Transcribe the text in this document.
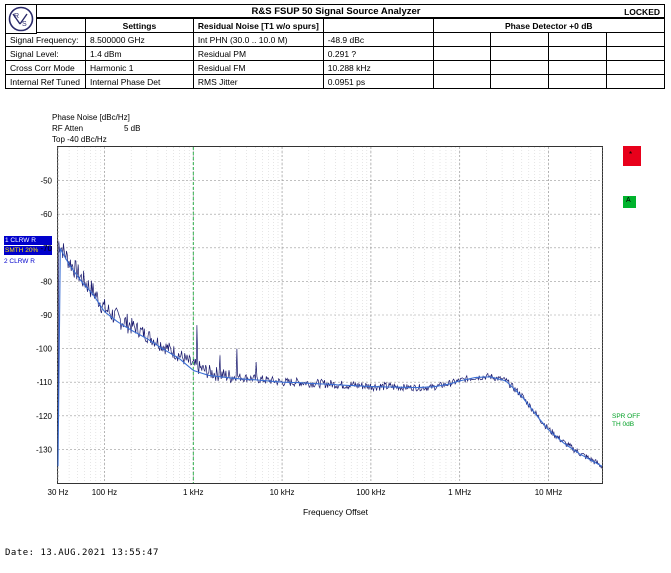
R&S FSUP 50 Signal Source Analyzer	LOCKED
R
S
		Settings	Residual Noise [T1 w/o spurs]		Phase Detector +0 dB			
Signal Frequency:	8.500000 GHz	Int PHN (30.0 .. 10.0 M)	-48.9 dBc				
Signal Level:	1.4 dBm	Residual PM	0.291 ?				
Cross Corr Mode	Harmonic 1	Residual FM	10.288 kHz				
Internal Ref Tuned	Internal Phase Det	RMS Jitter	0.0951 ps				
Phase Noise [dBc/Hz]
RF Atten	5 dB
Top -40 dBc/Hz
*
A
1 CLRW R
SMTH 20%
2 CLRW R
SPR OFF
TH 0dB
-50
-60
-70
-80
-90
-100
-110
-120
-130
Frequency Offset
Date: 13.AUG.2021 13:55:47
30 Hz	100 Hz	1 kHz	10 kHz	100 kHz	1 MHz	10 MHz
